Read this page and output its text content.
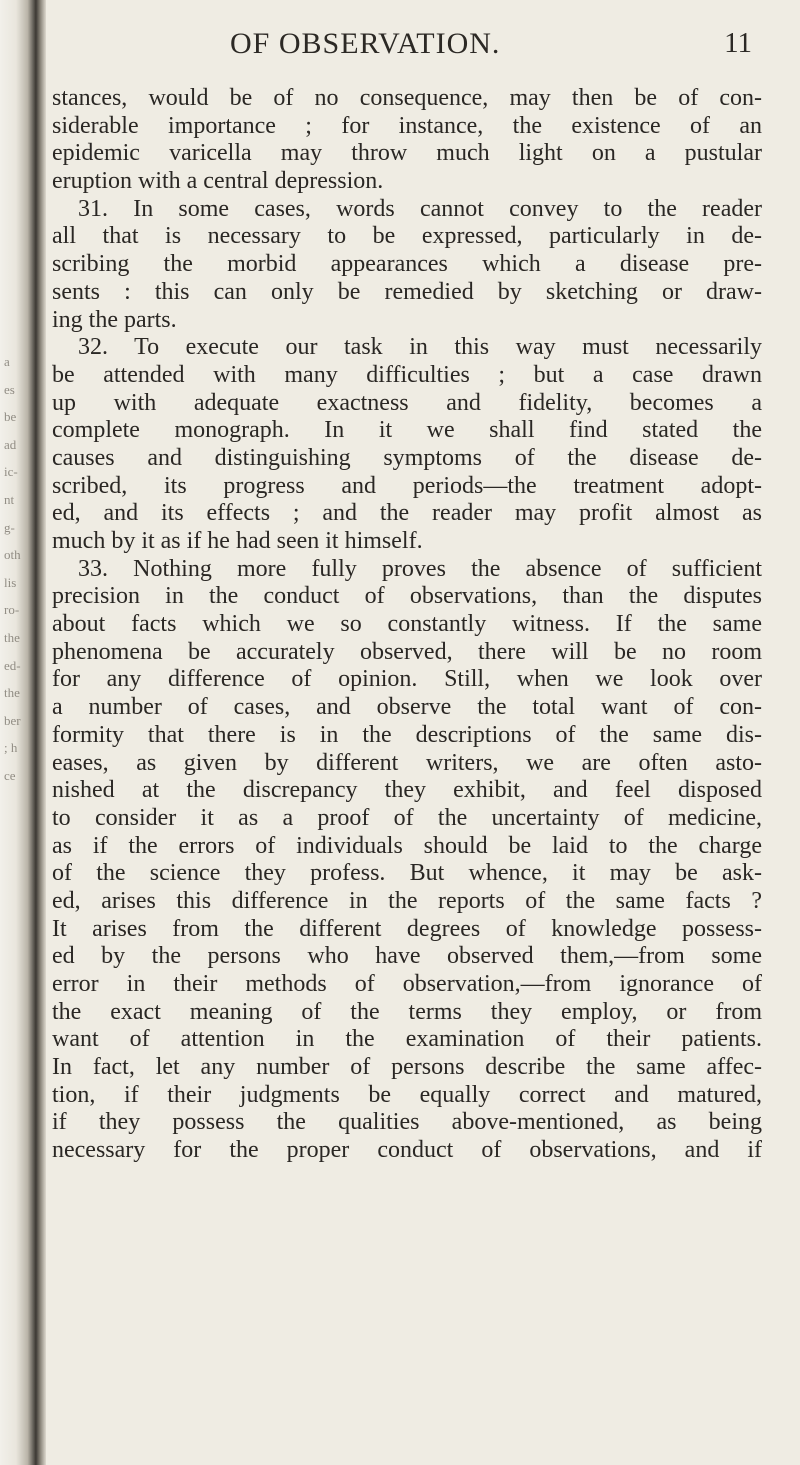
a
es
be
ad
ic-
nt
g-
oth
lis
ro-
the
ed-
the
ber
; h
ce
OF OBSERVATION.	11
stances, would be of no consequence, may then be of con-
siderable importance ; for instance, the existence of an
epidemic varicella may throw much light on a pustular
eruption with a central depression.
31. In some cases, words cannot convey to the reader
all that is necessary to be expressed, particularly in de-
scribing the morbid appearances which a disease pre-
sents : this can only be remedied by sketching or draw-
ing the parts.
32. To execute our task in this way must necessarily
be attended with many difficulties ; but a case drawn
up with adequate exactness and fidelity, becomes a
complete monograph. In it we shall find stated the
causes and distinguishing symptoms of the disease de-
scribed, its progress and periods—the treatment adopt-
ed, and its effects ; and the reader may profit almost as
much by it as if he had seen it himself.
33. Nothing more fully proves the absence of sufficient
precision in the conduct of observations, than the disputes
about facts which we so constantly witness. If the same
phenomena be accurately observed, there will be no room
for any difference of opinion. Still, when we look over
a number of cases, and observe the total want of con-
formity that there is in the descriptions of the same dis-
eases, as given by different writers, we are often asto-
nished at the discrepancy they exhibit, and feel disposed
to consider it as a proof of the uncertainty of medicine,
as if the errors of individuals should be laid to the charge
of the science they profess. But whence, it may be ask-
ed, arises this difference in the reports of the same facts ?
It arises from the different degrees of knowledge possess-
ed by the persons who have observed them,—from some
error in their methods of observation,—from ignorance of
the exact meaning of the terms they employ, or from
want of attention in the examination of their patients.
In fact, let any number of persons describe the same affec-
tion, if their judgments be equally correct and matured,
if they possess the qualities above-mentioned, as being
necessary for the proper conduct of observations, and if
